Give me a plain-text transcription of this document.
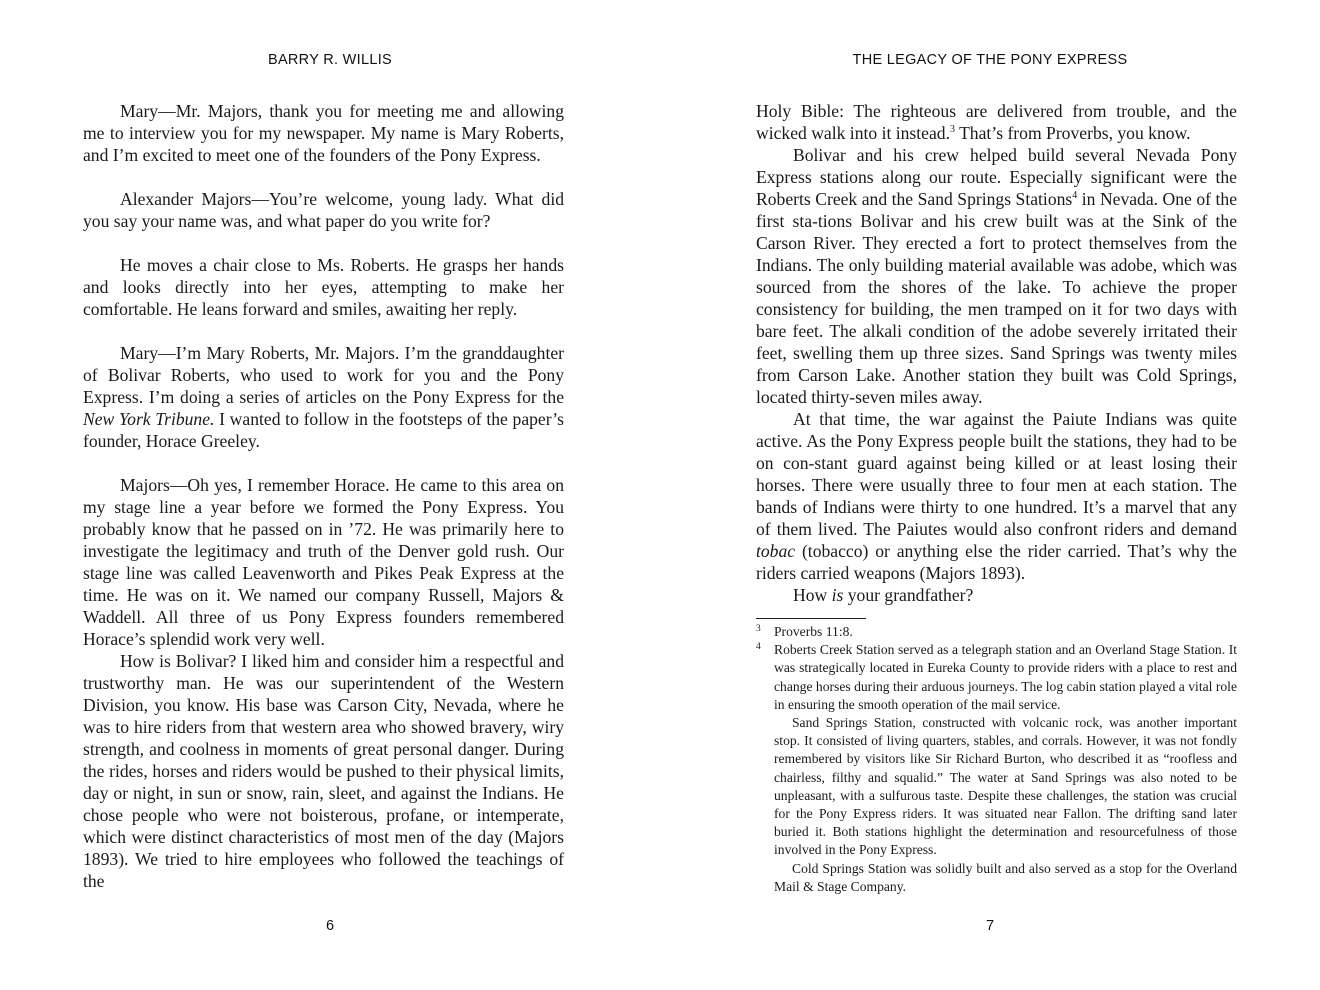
BARRY R. WILLIS

Mary—Mr. Majors, thank you for meeting me and allowing me to interview you for my newspaper. My name is Mary Roberts, and I’m excited to meet one of the founders of the Pony Express.

Alexander Majors—You’re welcome, young lady. What did you say your name was, and what paper do you write for?

He moves a chair close to Ms. Roberts. He grasps her hands and looks directly into her eyes, attempting to make her comfortable. He leans forward and smiles, awaiting her reply.

Mary—I’m Mary Roberts, Mr. Majors. I’m the granddaughter of Bolivar Roberts, who used to work for you and the Pony Express. I’m doing a series of articles on the Pony Express for the New York Tribune. I wanted to follow in the footsteps of the paper’s founder, Horace Greeley.

Majors—Oh yes, I remember Horace. He came to this area on my stage line a year before we formed the Pony Express. You probably know that he passed on in ’72. He was primarily here to investigate the legitimacy and truth of the Denver gold rush. Our stage line was called Leavenworth and Pikes Peak Express at the time. He was on it. We named our company Russell, Majors & Waddell. All three of us Pony Express founders remembered Horace’s splendid work very well.

How is Bolivar? I liked him and consider him a respectful and trustworthy man. He was our superintendent of the Western Division, you know. His base was Carson City, Nevada, where he was to hire riders from that western area who showed bravery, wiry strength, and coolness in moments of great personal danger. During the rides, horses and riders would be pushed to their physical limits, day or night, in sun or snow, rain, sleet, and against the Indians. He chose people who were not boisterous, profane, or intemperate, which were distinct characteristics of most men of the day (Majors 1893). We tried to hire employees who followed the teachings of the

6
THE LEGACY OF THE PONY EXPRESS

Holy Bible: The righteous are delivered from trouble, and the wicked walk into it instead.$^3$ That’s from Proverbs, you know.

Bolivar and his crew helped build several Nevada Pony Express stations along our route. Especially significant were the Roberts Creek and the Sand Springs Stations$^4$ in Nevada. One of the first sta-tions Bolivar and his crew built was at the Sink of the Carson River. They erected a fort to protect themselves from the Indians. The only building material available was adobe, which was sourced from the shores of the lake. To achieve the proper consistency for building, the men tramped on it for two days with bare feet. The alkali condition of the adobe severely irritated their feet, swelling them up three sizes. Sand Springs was twenty miles from Carson Lake. Another station they built was Cold Springs, located thirty-seven miles away.

At that time, the war against the Paiute Indians was quite active. As the Pony Express people built the stations, they had to be on con-stant guard against being killed or at least losing their horses. There were usually three to four men at each station. The bands of Indians were thirty to one hundred. It’s a marvel that any of them lived. The Paiutes would also confront riders and demand tobac (tobacco) or anything else the rider carried. That’s why the riders carried weapons (Majors 1893).

How is your grandfather?

3 Proverbs 11:8.

4 Roberts Creek Station served as a telegraph station and an Overland Stage Station. It was strategically located in Eureka County to provide riders with a place to rest and change horses during their arduous journeys. The log cabin station played a vital role in ensuring the smooth operation of the mail service.

Sand Springs Station, constructed with volcanic rock, was another important stop. It consisted of living quarters, stables, and corrals. However, it was not fondly remembered by visitors like Sir Richard Burton, who described it as “roofless and chairless, filthy and squalid.” The water at Sand Springs was also noted to be unpleasant, with a sulfurous taste. Despite these challenges, the station was crucial for the Pony Express riders. It was situated near Fallon. The drifting sand later buried it. Both stations highlight the determination and resourcefulness of those involved in the Pony Express.

Cold Springs Station was solidly built and also served as a stop for the Overland Mail & Stage Company.

7
